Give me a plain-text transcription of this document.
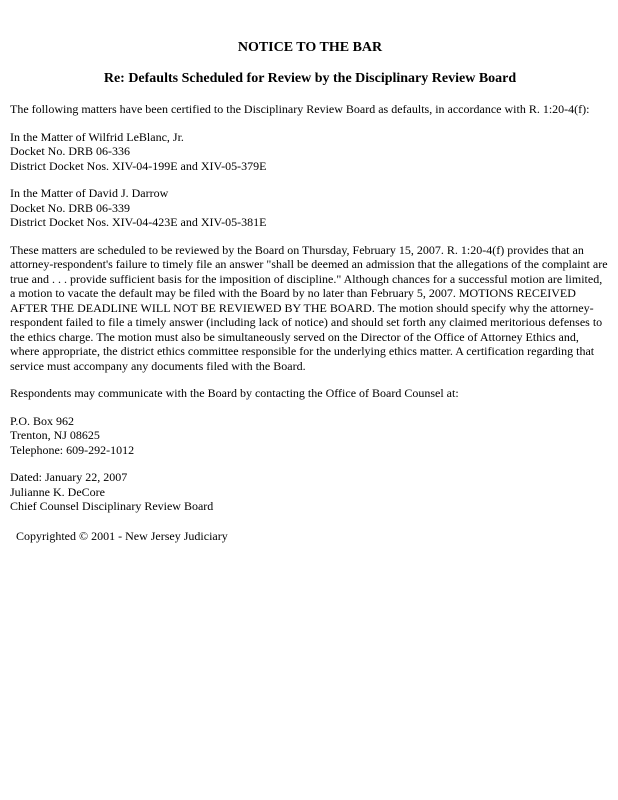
NOTICE TO THE BAR
Re: Defaults Scheduled for Review by the Disciplinary Review Board

The following matters have been certified to the Disciplinary Review Board as defaults, in accordance with R. 1:20-4(f):

In the Matter of Wilfrid LeBlanc, Jr.

Docket No. DRB 06-336

District Docket Nos. XIV-04-199E and XIV-05-379E

In the Matter of David J. Darrow

Docket No. DRB 06-339

District Docket Nos. XIV-04-423E and XIV-05-381E

These matters are scheduled to be reviewed by the Board on Thursday, February 15, 2007. R. 1:20-4(f) provides that an attorney-respondent's failure to timely file an answer "shall be deemed an admission that the allegations of the complaint are true and . . . provide sufficient basis for the imposition of discipline." Although chances for a successful motion are limited, a motion to vacate the default may be filed with the Board by no later than February 5, 2007. MOTIONS RECEIVED AFTER THE DEADLINE WILL NOT BE REVIEWED BY THE BOARD. The motion should specify why the attorney-respondent failed to file a timely answer (including lack of notice) and should set forth any claimed meritorious defenses to the ethics charge. The motion must also be simultaneously served on the Director of the Office of Attorney Ethics and, where appropriate, the district ethics committee responsible for the underlying ethics matter. A certification regarding that service must accompany any documents filed with the Board.

Respondents may communicate with the Board by contacting the Office of Board Counsel at:

P.O. Box 962

Trenton, NJ 08625

Telephone: 609-292-1012

Dated: January 22, 2007

Julianne K. DeCore

Chief Counsel Disciplinary Review Board

Copyrighted © 2001 - New Jersey Judiciary
